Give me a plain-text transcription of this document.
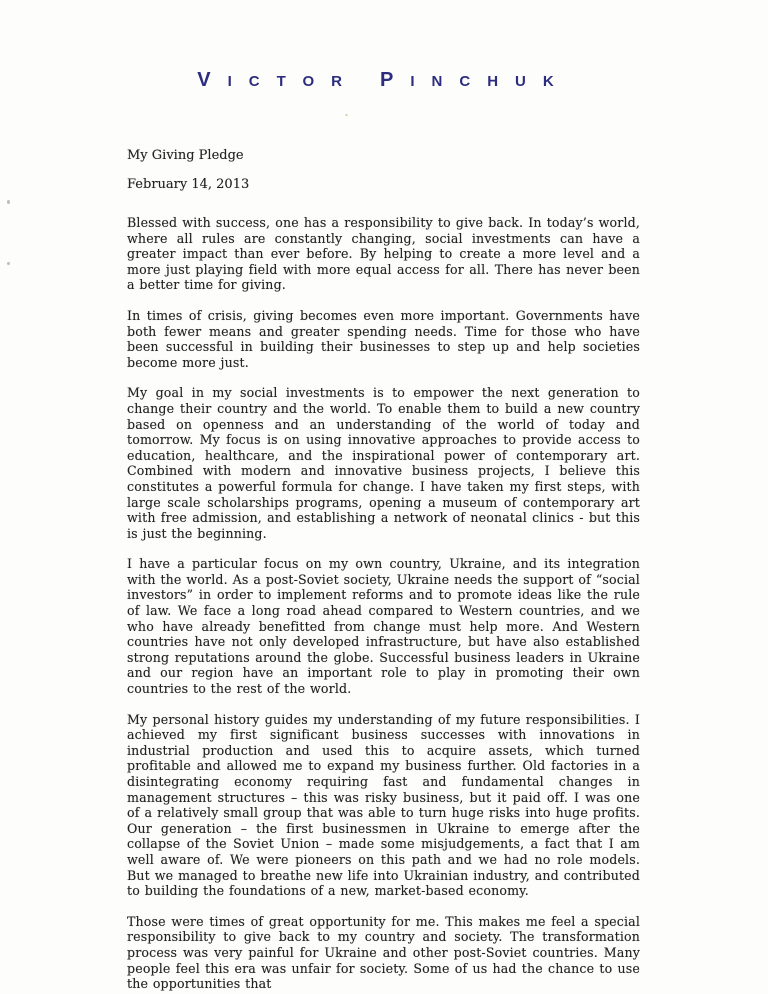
VICTOR PINCHUK
My Giving Pledge
February 14, 2013

Blessed with success, one has a responsibility to give back. In today’s world, where all rules are constantly changing, social investments can have a greater impact than ever before. By helping to create a more level and a more just playing field with more equal access for all. There has never been a better time for giving.

In times of crisis, giving becomes even more important. Governments have both fewer means and greater spending needs. Time for those who have been successful in building their businesses to step up and help societies become more just.

My goal in my social investments is to empower the next generation to change their country and the world. To enable them to build a new country based on openness and an understanding of the world of today and tomorrow. My focus is on using innovative approaches to provide access to education, healthcare, and the inspirational power of contemporary art. Combined with modern and innovative business projects, I believe this constitutes a powerful formula for change. I have taken my first steps, with large scale scholarships programs, opening a museum of contemporary art with free admission, and establishing a network of neonatal clinics - but this is just the beginning.

I have a particular focus on my own country, Ukraine, and its integration with the world. As a post-Soviet society, Ukraine needs the support of “social investors” in order to implement reforms and to promote ideas like the rule of law. We face a long road ahead compared to Western countries, and we who have already benefitted from change must help more. And Western countries have not only developed infrastructure, but have also established strong reputations around the globe. Successful business leaders in Ukraine and our region have an important role to play in promoting their own countries to the rest of the world.

My personal history guides my understanding of my future responsibilities. I achieved my first significant business successes with innovations in industrial production and used this to acquire assets, which turned profitable and allowed me to expand my business further. Old factories in a disintegrating economy requiring fast and fundamental changes in management structures – this was risky business, but it paid off. I was one of a relatively small group that was able to turn huge risks into huge profits. Our generation – the first businessmen in Ukraine to emerge after the collapse of the Soviet Union – made some misjudgements, a fact that I am well aware of. We were pioneers on this path and we had no role models. But we managed to breathe new life into Ukrainian industry, and contributed to building the foundations of a new, market-based economy.

Those were times of great opportunity for me. This makes me feel a special responsibility to give back to my country and society. The transformation process was very painful for Ukraine and other post-Soviet countries. Many people feel this era was unfair for society. Some of us had the chance to use the opportunities that
